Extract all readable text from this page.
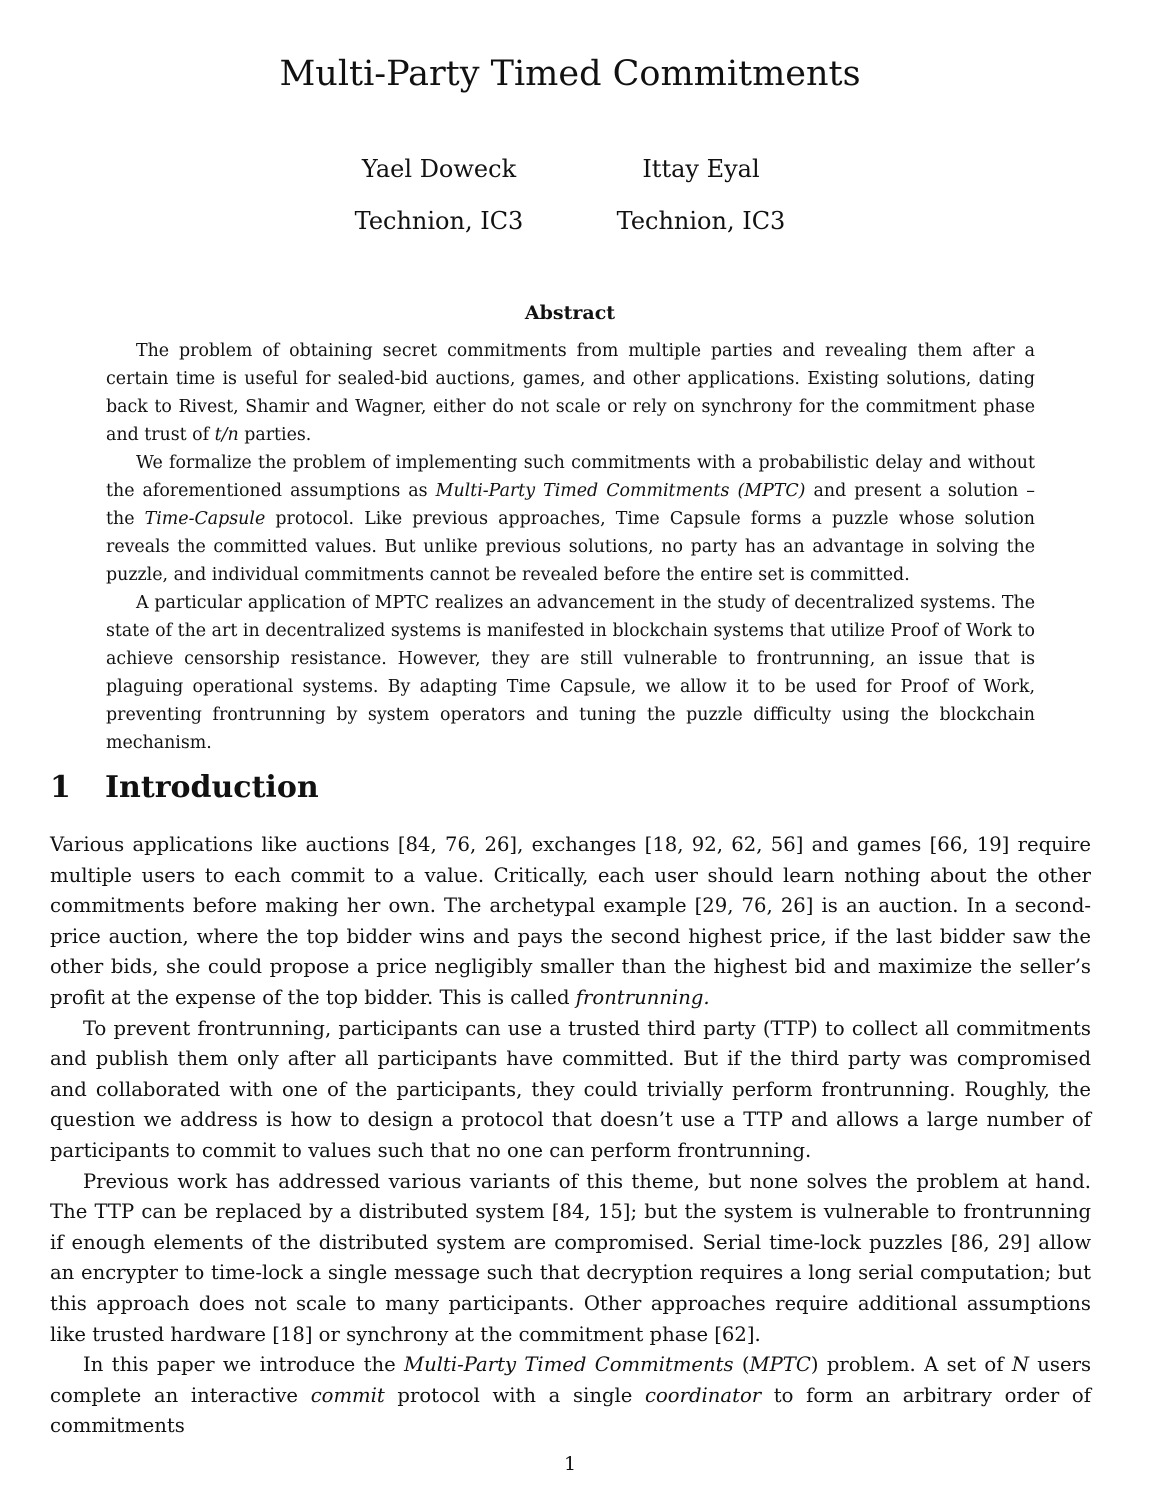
Multi-Party Timed Commitments
Yael Doweck
Technion, IC3
Ittay Eyal
Technion, IC3
Abstract

The problem of obtaining secret commitments from multiple parties and revealing them after a certain time is useful for sealed-bid auctions, games, and other applications. Existing solutions, dating back to Rivest, Shamir and Wagner, either do not scale or rely on synchrony for the commitment phase and trust of t/n parties.

We formalize the problem of implementing such commitments with a probabilistic delay and without the aforementioned assumptions as Multi-Party Timed Commitments (MPTC) and present a solution – the Time-Capsule protocol. Like previous approaches, Time Capsule forms a puzzle whose solution reveals the committed values. But unlike previous solutions, no party has an advantage in solving the puzzle, and individual commitments cannot be revealed before the entire set is committed.

A particular application of MPTC realizes an advancement in the study of decentralized systems. The state of the art in decentralized systems is manifested in blockchain systems that utilize Proof of Work to achieve censorship resistance. However, they are still vulnerable to frontrunning, an issue that is plaguing operational systems. By adapting Time Capsule, we allow it to be used for Proof of Work, preventing frontrunning by system operators and tuning the puzzle difficulty using the blockchain mechanism.

1 Introduction

Various applications like auctions [84, 76, 26], exchanges [18, 92, 62, 56] and games [66, 19] require multiple users to each commit to a value. Critically, each user should learn nothing about the other commitments before making her own. The archetypal example [29, 76, 26] is an auction. In a second-price auction, where the top bidder wins and pays the second highest price, if the last bidder saw the other bids, she could propose a price negligibly smaller than the highest bid and maximize the seller’s profit at the expense of the top bidder. This is called frontrunning.

To prevent frontrunning, participants can use a trusted third party (TTP) to collect all commitments and publish them only after all participants have committed. But if the third party was compromised and collaborated with one of the participants, they could trivially perform frontrunning. Roughly, the question we address is how to design a protocol that doesn’t use a TTP and allows a large number of participants to commit to values such that no one can perform frontrunning.

Previous work has addressed various variants of this theme, but none solves the problem at hand. The TTP can be replaced by a distributed system [84, 15]; but the system is vulnerable to frontrunning if enough elements of the distributed system are compromised. Serial time-lock puzzles [86, 29] allow an encrypter to time-lock a single message such that decryption requires a long serial computation; but this approach does not scale to many participants. Other approaches require additional assumptions like trusted hardware [18] or synchrony at the commitment phase [62].

In this paper we introduce the Multi-Party Timed Commitments (MPTC) problem. A set of N users complete an interactive commit protocol with a single coordinator to form an arbitrary order of commitments

1
